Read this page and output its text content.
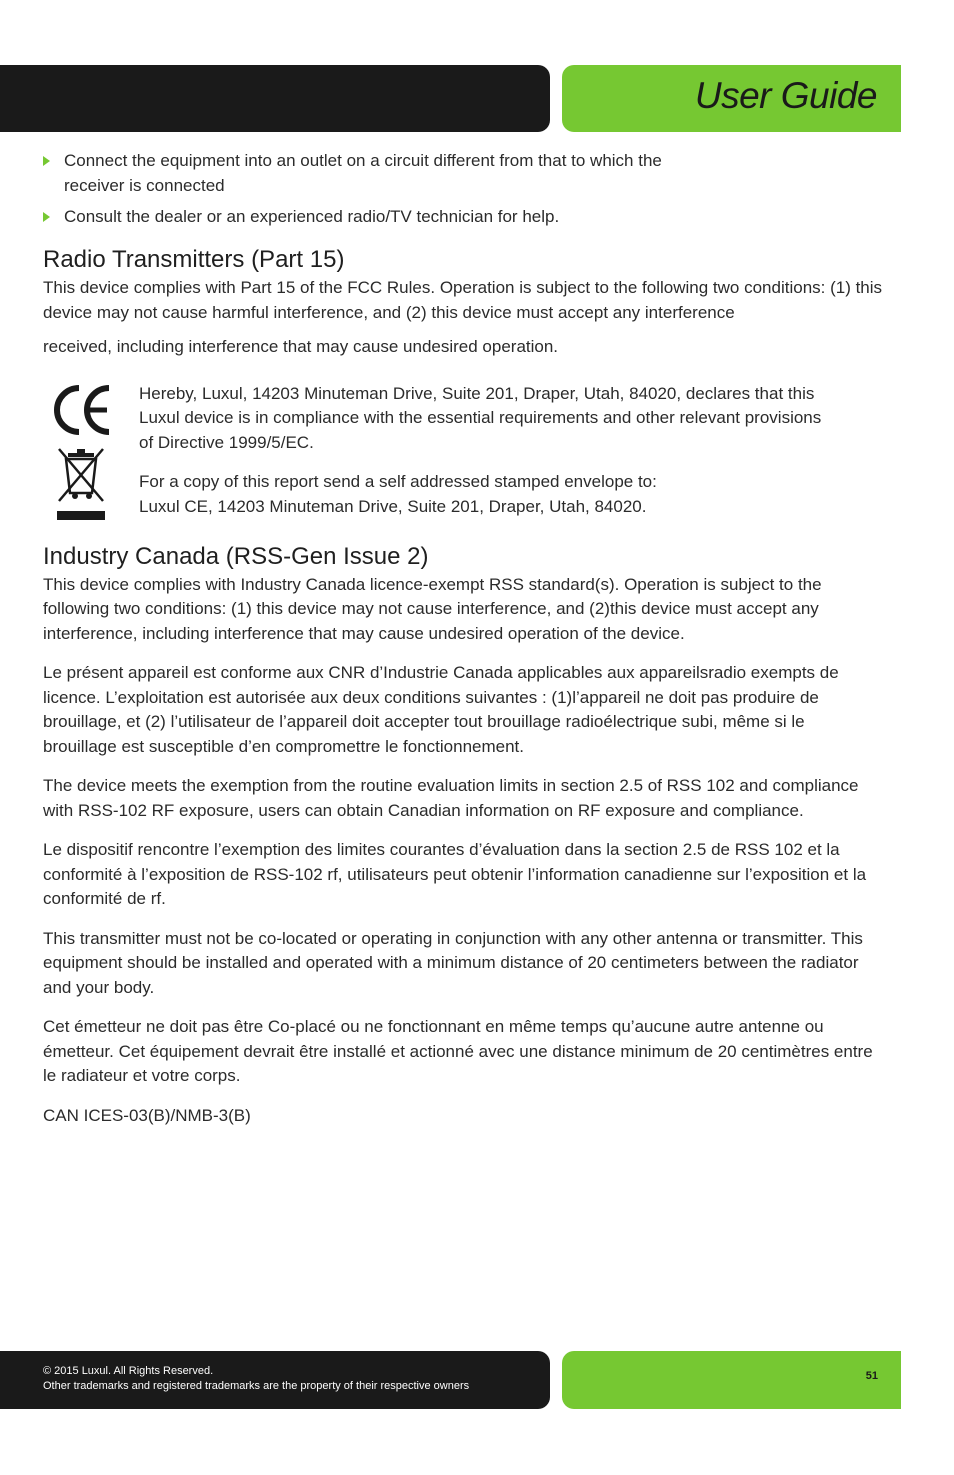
User Guide
Connect the equipment into an outlet on a circuit different from that to which the receiver is connected
Consult the dealer or an experienced radio/TV technician for help.
Radio Transmitters (Part 15)

This device complies with Part 15 of the FCC Rules. Operation is subject to the following two conditions: (1) this device may not cause harmful interference, and (2) this device must accept any interference

received, including interference that may cause undesired operation.

Hereby, Luxul, 14203 Minuteman Drive, Suite 201, Draper, Utah, 84020, declares that this Luxul device is in compliance with the essential requirements and other relevant provisions of Directive 1999/5/EC.

For a copy of this report send a self addressed stamped envelope to:

Luxul CE, 14203 Minuteman Drive, Suite 201, Draper, Utah, 84020.

Industry Canada (RSS-Gen Issue 2)

This device complies with Industry Canada licence-exempt RSS standard(s). Operation is subject to the following two conditions: (1) this device may not cause interference, and (2)this device must accept any interference, including interference that may cause undesired operation of the device.

Le présent appareil est conforme aux CNR d’Industrie Canada applicables aux appareilsradio exempts de licence. L’exploitation est autorisée aux deux conditions suivantes : (1)l’appareil ne doit pas produire de brouillage, et (2) l’utilisateur de l’appareil doit accepter tout brouillage radioélectrique subi, même si le brouillage est susceptible d’en compromettre le fonctionnement.

The device meets the exemption from the routine evaluation limits in section 2.5 of RSS 102 and compliance with RSS-102 RF exposure, users can obtain Canadian information on RF exposure and compliance.

Le dispositif rencontre l’exemption des limites courantes d’évaluation dans la section 2.5 de RSS 102 et la conformité à l’exposition de RSS-102 rf, utilisateurs peut obtenir l’information canadienne sur l’exposition et la conformité de rf.

This transmitter must not be co-located or operating in conjunction with any other antenna or transmitter. This equipment should be installed and operated with a minimum distance of 20 centimeters between the radiator and your body.

Cet émetteur ne doit pas être Co-placé ou ne fonctionnant en même temps qu’aucune autre antenne ou émetteur. Cet équipement devrait être installé et actionné avec une distance minimum de 20 centimètres entre le radiateur et votre corps.

CAN ICES-03(B)/NMB-3(B)

© 2015 Luxul. All Rights Reserved.
Other trademarks and registered trademarks are the property of their respective owners
51
